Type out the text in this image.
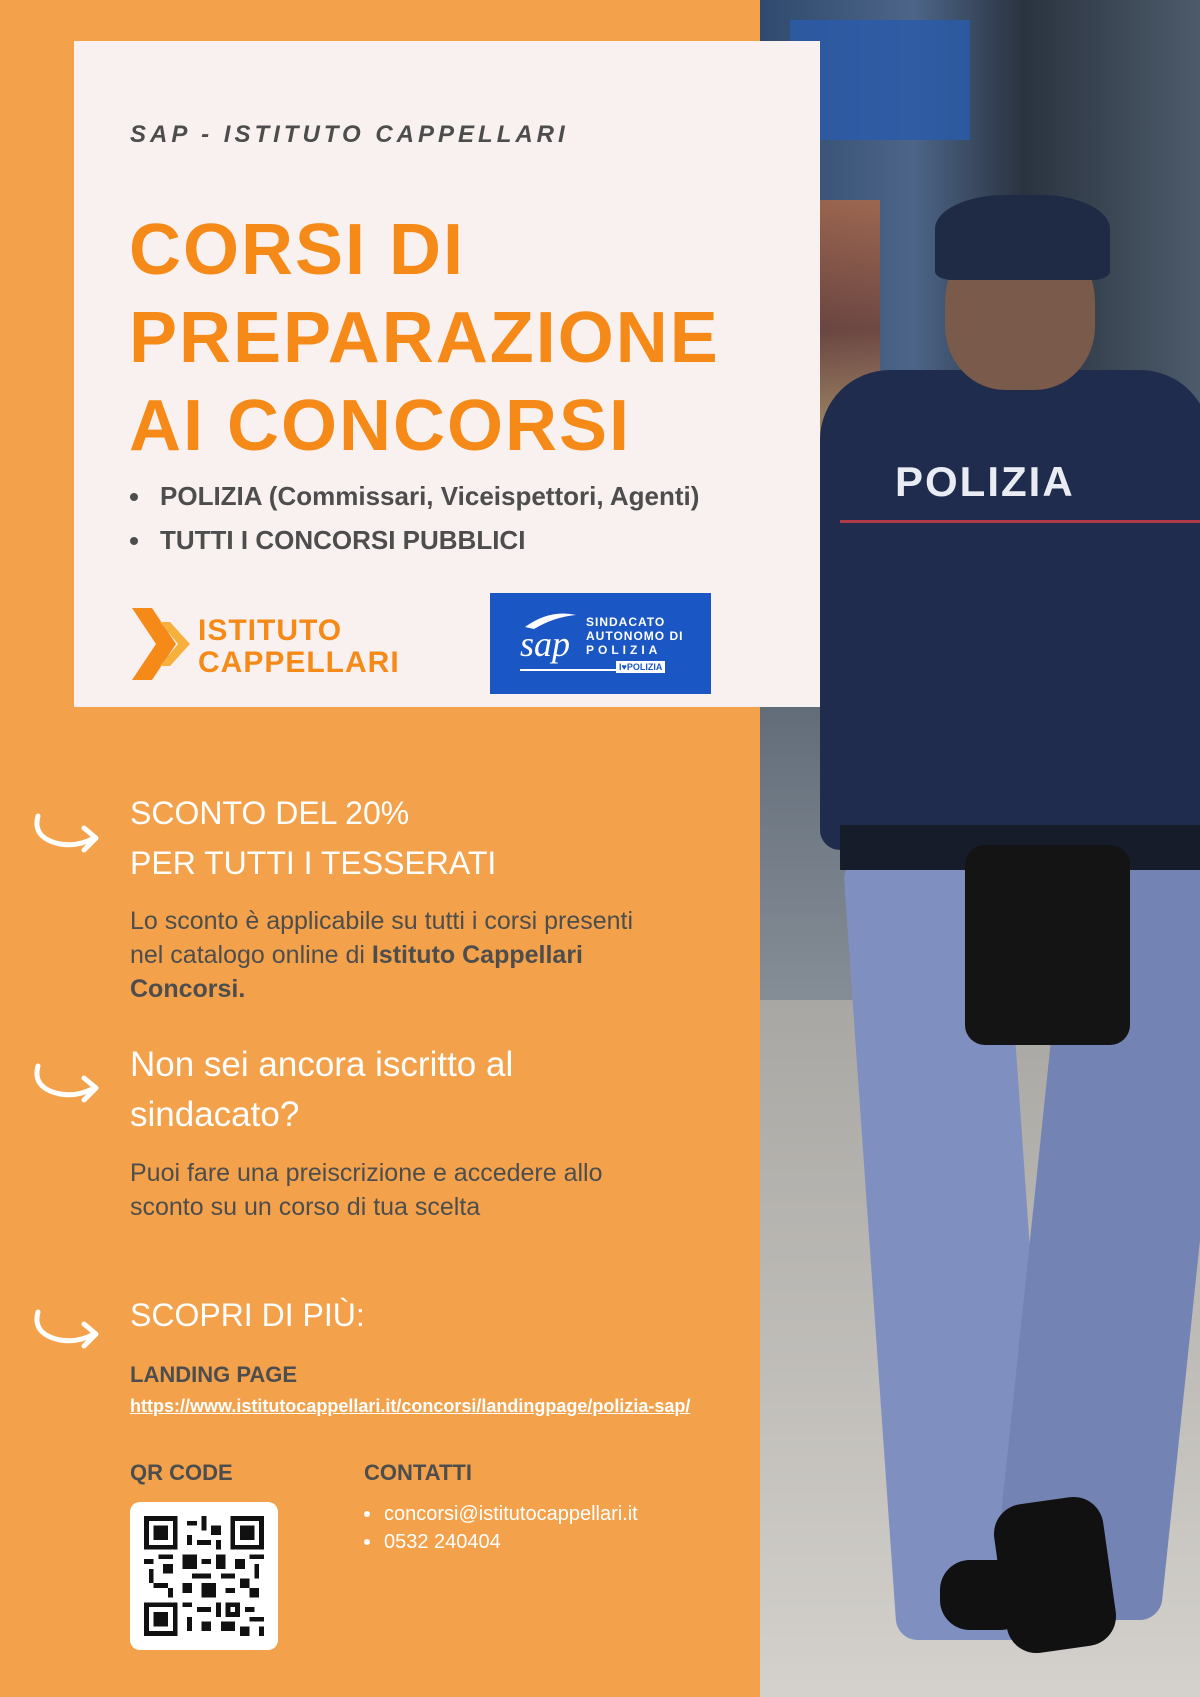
POLIZIA
SAP - ISTITUTO CAPPELLARI
CORSI DI
PREPARAZIONE
AI CONCORSI
POLIZIA (Commissari, Viceispettori, Agenti)
TUTTI I CONCORSI PUBBLICI
ISTITUTO
CAPPELLARI	sap
SINDACATO
AUTONOMO DI
POLIZIA
I♥POLIZIA
SCONTO DEL 20%
PER TUTTI I TESSERATI
Lo sconto è applicabile su tutti i corsi presenti nel catalogo online di Istituto Cappellari Concorsi.
Non sei ancora iscritto al
sindacato?
Puoi fare una preiscrizione e accedere allo sconto su un corso di tua scelta
SCOPRI DI PIÙ:
LANDING PAGE
https://www.istitutocappellari.it/concorsi/landingpage/polizia-sap/
QR CODE	CONTATTI
concorsi@istitutocappellari.it
0532 240404
